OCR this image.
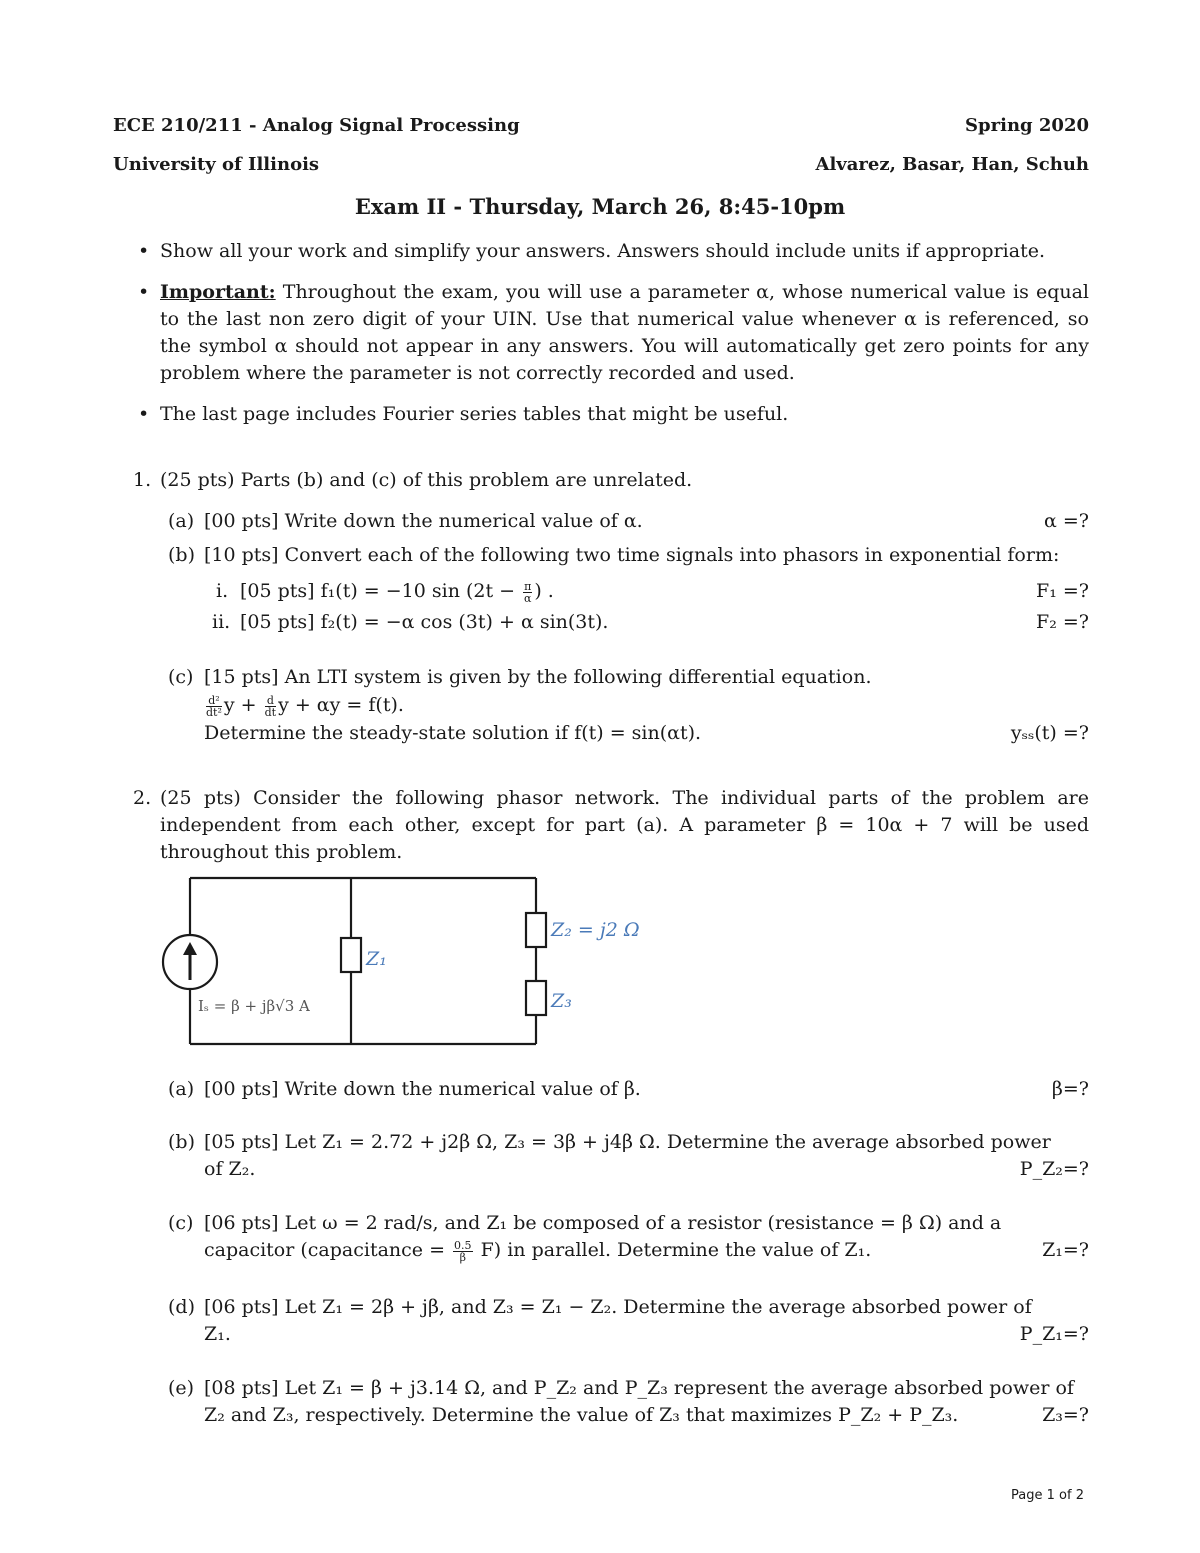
ECE 210/211 - Analog Signal Processing	Spring 2020
University of Illinois	Alvarez, Basar, Han, Schuh
Exam II - Thursday, March 26, 8:45-10pm
• Show all your work and simplify your answers. Answers should include units if appropriate.
• Important: Throughout the exam, you will use a parameter α, whose numerical value is equal to the last non zero digit of your UIN. Use that numerical value whenever α is referenced, so the symbol α should not appear in any answers. You will automatically get zero points for any problem where the parameter is not correctly recorded and used.
• The last page includes Fourier series tables that might be useful.
1. (25 pts) Parts (b) and (c) of this problem are unrelated.
(a) [00 pts] Write down the numerical value of α.	α =?
(b) [10 pts] Convert each of the following two time signals into phasors in exponential form:
i. [05 pts] f₁(t) = −10 $\sin (2t - \frac{\pi}{\alpha}$ ) .	F₁ =?
ii. [05 pts] f₂(t) = −α cos (3t) + α sin(3t).	F₂ =?
(c) [15 pts] An LTI system is given by the following differential equation.
$\frac{\text{d²}}{\text{dt²}}$ $y + \frac{d}{dt}$ y + αy = f(t).
Determine the steady-state solution if f(t) = sin(αt).	yₛₛ(t) =?
2. (25 pts) Consider the following phasor network. The individual parts of the problem are independent from each other, except for part (a). A parameter β = 10α + 7 will be used throughout this problem.
Z₁
Z₂ = j2 Ω
Z₃
Iₛ = β + jβ√3 A
(a) [00 pts] Write down the numerical value of β.	β=?
(b) [05 pts] Let Z₁ = 2.72 + j2β Ω, Z₃ = 3β + j4β Ω. Determine the average absorbed power
of Z₂.	P_Z₂=?
(c) [06 pts] Let ω = 2 rad/s, and Z₁ be composed of a resistor (resistance = β Ω) and a
capacitor (capacitance = $\frac{0.5}{\beta} F$) in parallel. Determine the value of Z₁.	Z₁=?
(d) [06 pts] Let Z₁ = 2β + jβ, and Z₃ = Z₁ − Z₂. Determine the average absorbed power of
Z₁.	P_Z₁=?
(e) [08 pts] Let Z₁ = β + j3.14 Ω, and P_Z₂ and P_Z₃ represent the average absorbed power of
Z₂ and Z₃, respectively. Determine the value of Z₃ that maximizes P_Z₂ + P_Z₃.	Z₃=?
Page 1 of 2
